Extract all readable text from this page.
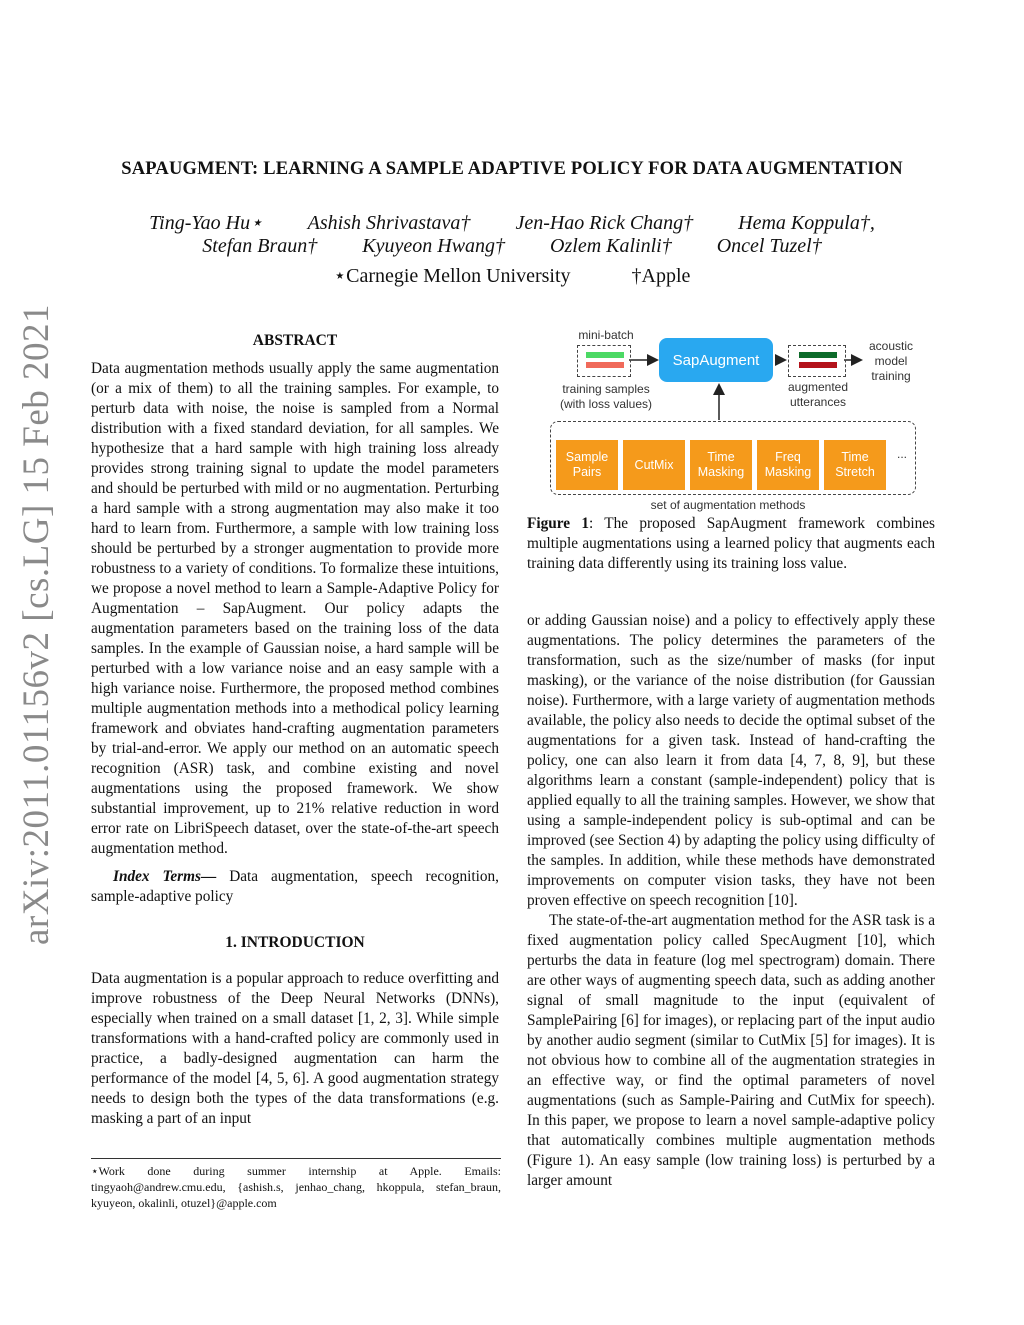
arXiv:2011.01156v2 [cs.LG] 15 Feb 2021
SAPAUGMENT: LEARNING A SAMPLE ADAPTIVE POLICY FOR DATA AUGMENTATION
Ting-Yao Hu⋆ Ashish Shrivastava† Jen-Hao Rick Chang† Hema Koppula†,
Stefan Braun† Kyuyeon Hwang† Ozlem Kalinli† Oncel Tuzel†
⋆Carnegie Mellon University	†Apple

ABSTRACT

Data augmentation methods usually apply the same augmentation (or a mix of them) to all the training samples. For example, to perturb data with noise, the noise is sampled from a Normal distribution with a fixed standard deviation, for all samples. We hypothesize that a hard sample with high training loss already provides strong training signal to update the model parameters and should be perturbed with mild or no augmentation. Perturbing a hard sample with a strong augmentation may also make it too hard to learn from. Furthermore, a sample with low training loss should be perturbed by a stronger augmentation to provide more robustness to a variety of conditions. To formalize these intuitions, we propose a novel method to learn a Sample-Adaptive Policy for Augmentation – SapAugment. Our policy adapts the augmentation parameters based on the training loss of the data samples. In the example of Gaussian noise, a hard sample will be perturbed with a low variance noise and an easy sample with a high variance noise. Furthermore, the proposed method combines multiple augmentation methods into a methodical policy learning framework and obviates hand-crafting augmentation parameters by trial-and-error. We apply our method on an automatic speech recognition (ASR) task, and combine existing and novel augmentations using the proposed framework. We show substantial improvement, up to 21% relative reduction in word error rate on LibriSpeech dataset, over the state-of-the-art speech augmentation method.

Index Terms— Data augmentation, speech recognition, sample-adaptive policy

1. INTRODUCTION

Data augmentation is a popular approach to reduce overfitting and improve robustness of the Deep Neural Networks (DNNs), especially when trained on a small dataset [1, 2, 3]. While simple transformations with a hand-crafted policy are commonly used in practice, a badly-designed augmentation can harm the performance of the model [4, 5, 6]. A good augmentation strategy needs to design both the types of the data transformations (e.g. masking a part of an input

⋆Work done during summer internship at Apple. Emails: tingyaoh@andrew.cmu.edu, {ashish.s, jenhao_chang, hkoppula, stefan_braun, kyuyeon, okalinli, otuzel}@apple.com
mini-batch
training samples (with loss values)
SapAugment
augmented utterances
acoustic model training
Sample Pairs
CutMix
Time Masking
Freq Masking
Time Stretch
...
set of augmentation methods
Figure 1: The proposed SapAugment framework combines multiple augmentations using a learned policy that augments each training data differently using its training loss value.

or adding Gaussian noise) and a policy to effectively apply these augmentations. The policy determines the parameters of the transformation, such as the size/number of masks (for input masking), or the variance of the noise distribution (for Gaussian noise). Furthermore, with a large variety of augmentation methods available, the policy also needs to decide the optimal subset of the augmentations for a given task. Instead of hand-crafting the policy, one can also learn it from data [4, 7, 8, 9], but these algorithms learn a constant (sample-independent) policy that is applied equally to all the training samples. However, we show that using a sample-independent policy is sub-optimal and can be improved (see Section 4) by adapting the policy using difficulty of the samples. In addition, while these methods have demonstrated improvements on computer vision tasks, they have not been proven effective on speech recognition [10].

The state-of-the-art augmentation method for the ASR task is a fixed augmentation policy called SpecAugment [10], which perturbs the data in feature (log mel spectrogram) domain. There are other ways of augmenting speech data, such as adding another signal of small magnitude to the input (equivalent of SamplePairing [6] for images), or replacing part of the input audio by another audio segment (similar to CutMix [5] for images). It is not obvious how to combine all of the augmentation strategies in an effective way, or find the optimal parameters of novel augmentations (such as Sample-Pairing and CutMix for speech). In this paper, we propose to learn a novel sample-adaptive policy that automatically combines multiple augmentation methods (Figure 1). An easy sample (low training loss) is perturbed by a larger amount
